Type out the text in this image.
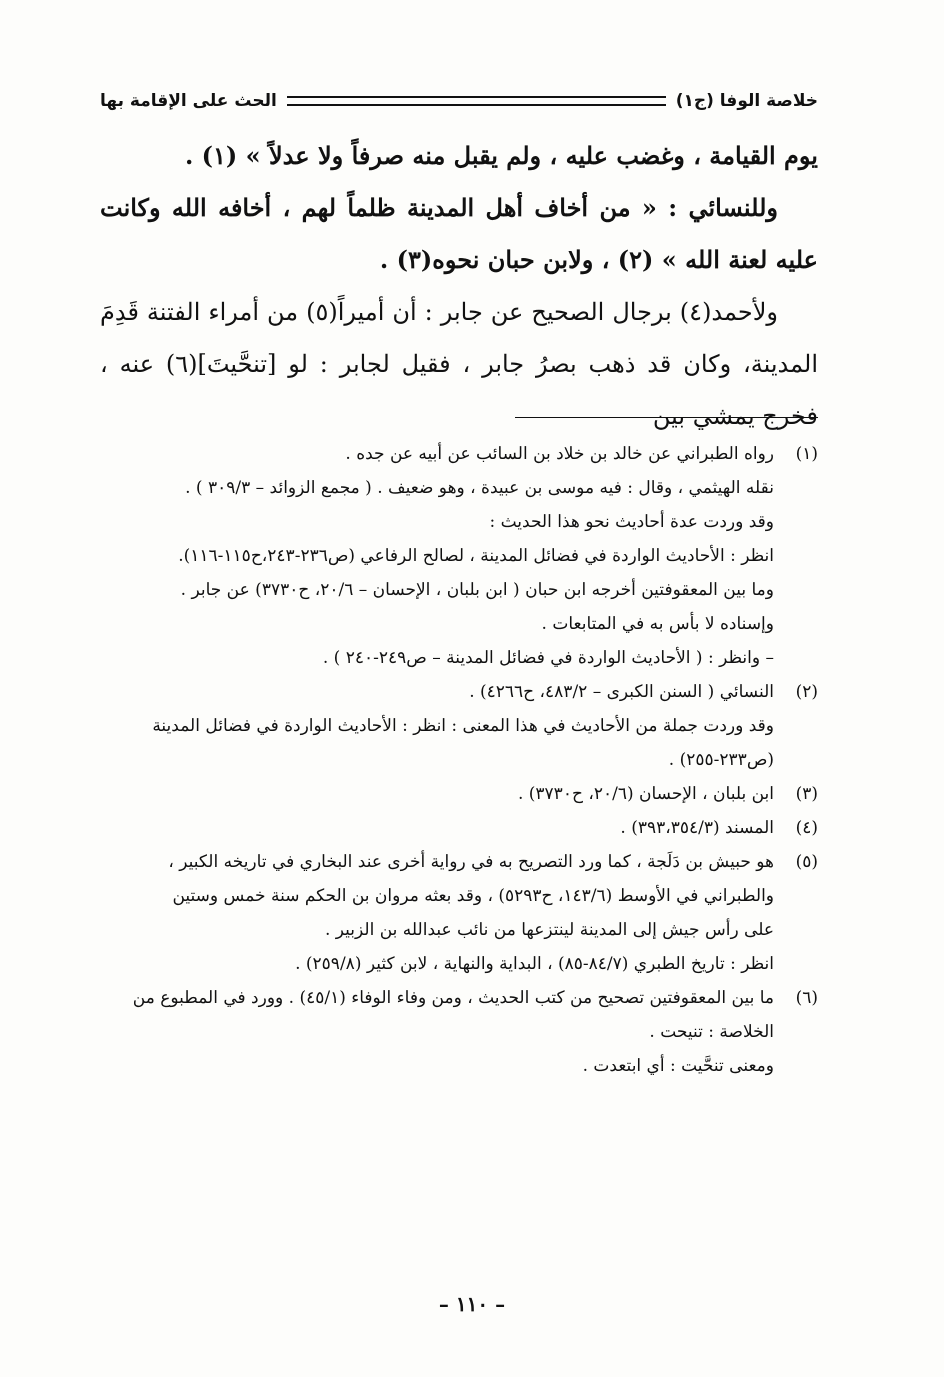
خلاصة الوفا (ج١)
الحث على الإقامة بها

يوم القيامة ، وغضب عليه ، ولم يقبل منه صرفاً ولا عدلاً » (١) .

وللنسائي : « من أخاف أهل المدينة ظلماً لهم ، أخافه الله وكانت عليه لعنة الله » (٢) ، ولابن حبان نحوه(٣) .

ولأحمد(٤) برجال الصحيح عن جابر : أن أميراً(٥) من أمراء الفتنة قَدِمَ المدينة، وكان قد ذهب بصرُ جابر ، فقيل لجابر : لو [تنحَّيتَ](٦) عنه ، فخرج يمشي بين

(١)
رواه الطبراني عن خالد بن خلاد بن السائب عن أبيه عن جده .
نقله الهيثمي ، وقال : فيه موسى بن عبيدة ، وهو ضعيف . ( مجمع الزوائد – ٣٠٩/٣ ) .
وقد وردت عدة أحاديث نحو هذا الحديث :
انظر : الأحاديث الواردة في فضائل المدينة ، لصالح الرفاعي (ص٢٣٦-٢٤٣،ح١١٥-١١٦).
وما بين المعقوفتين أخرجه ابن حبان ( ابن بلبان ، الإحسان – ٢٠/٦، ح٣٧٣٠) عن جابر .
وإسناده لا بأس به في المتابعات .
– وانظر : ( الأحاديث الواردة في فضائل المدينة – ص٢٤٩-٢٤٠ ) .
(٢)
النسائي ( السنن الكبرى – ٤٨٣/٢، ح٤٢٦٦) .
وقد وردت جملة من الأحاديث في هذا المعنى : انظر : الأحاديث الواردة في فضائل المدينة
(ص٢٣٣-٢٥٥) .
(٣)
ابن بلبان ، الإحسان (٢٠/٦، ح٣٧٣٠) .
(٤)
المسند (٣٩٣،٣٥٤/٣) .
(٥)
هو حبيش بن دَلَجة ، كما ورد التصريح به في رواية أخرى عند البخاري في تاريخه الكبير ،
والطبراني في الأوسط (١٤٣/٦، ح٥٢٩٣) ، وقد بعثه مروان بن الحكم سنة خمس وستين
على رأس جيش إلى المدينة لينتزعها من نائب عبدالله بن الزبير .
انظر : تاريخ الطبري (٨٤/٧-٨٥) ، البداية والنهاية ، لابن كثير (٢٥٩/٨) .
(٦)
ما بين المعقوفتين تصحيح من كتب الحديث ، ومن وفاء الوفاء (٤٥/١) . وورد في المطبوع من
الخلاصة : تنيحت .
ومعنى تنحَّيت : أي ابتعدت .
– ١١٠ –
